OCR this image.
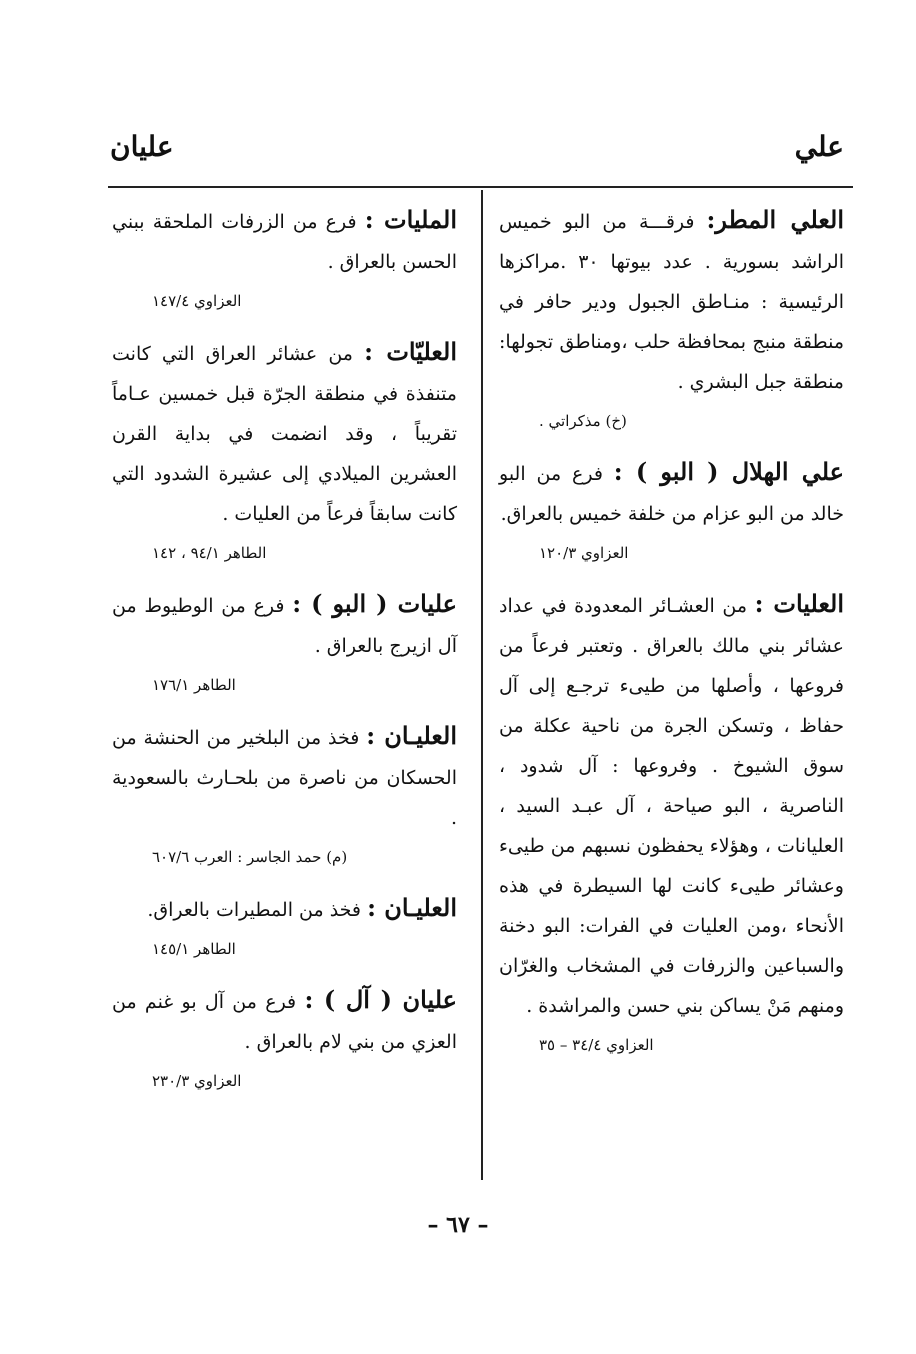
علي
عليان

العلي المطر: فرقـــة من البو خميس الراشد بسورية . عدد بيوتها ٣٠ .مراكزها الرئيسية : منـاطق الجبول ودير حافر في منطقة منبج بمحافظة حلب ،ومناطق تجولها: منطقة جبل البشري .

(خ) مذكراتي .

علي الهلال ( البو ) : فرع من البو خالد من البو عزام من خلفة خميس بالعراق.

العزاوي ١٢٠/٣

العليات : من العشـائر المعدودة في عداد عشائر بني مالك بالعراق . وتعتبر فرعاً من فروعها ، وأصلها من طيىء ترجـع إلى آل حفاظ ، وتسكن الجرة من ناحية عكلة من سوق الشيوخ . وفروعها : آل شدود ، الناصرية ، البو صياحة ، آل عبـد السيد ، العليانات ، وهؤلاء يحفظون نسبهم من طيىء وعشائر طيىء كانت لها السيطرة في هذه الأنحاء ،ومن العليات في الفرات: البو دخنة والسباعين والزرفات في المشخاب والغرّان ومنهم مَنْ يساكن بني حسن والمراشدة .

العزاوي ٣٤/٤ – ٣٥

المليات : فرع من الزرفات الملحقة ببني الحسن بالعراق .

العزاوي ١٤٧/٤

العليّات : من عشائر العراق التي كانت متنفذة في منطقة الجرّة قبل خمسين عـاماً تقريباً ، وقد انضمت في بداية القرن العشرين الميلادي إلى عشيرة الشدود التي كانت سابقاً فرعاً من العليات .

الطاهر ٩٤/١ ، ١٤٢

عليات ( البو ) : فرع من الوطيوط من آل ازيرج بالعراق .

الطاهر ١٧٦/١

العليـان : فخذ من البلخير من الحنشة من الحسكان من ناصرة من بلحـارث بالسعودية .

(م) حمد الجاسر : العرب ٦٠٧/٦

العليـان : فخذ من المطيرات بالعراق.

الطاهر ١٤٥/١

عليان ( آل ) : فرع من آل بو غنم من العزي من بني لام بالعراق .

العزاوي ٢٣٠/٣
– ٦٧ –
